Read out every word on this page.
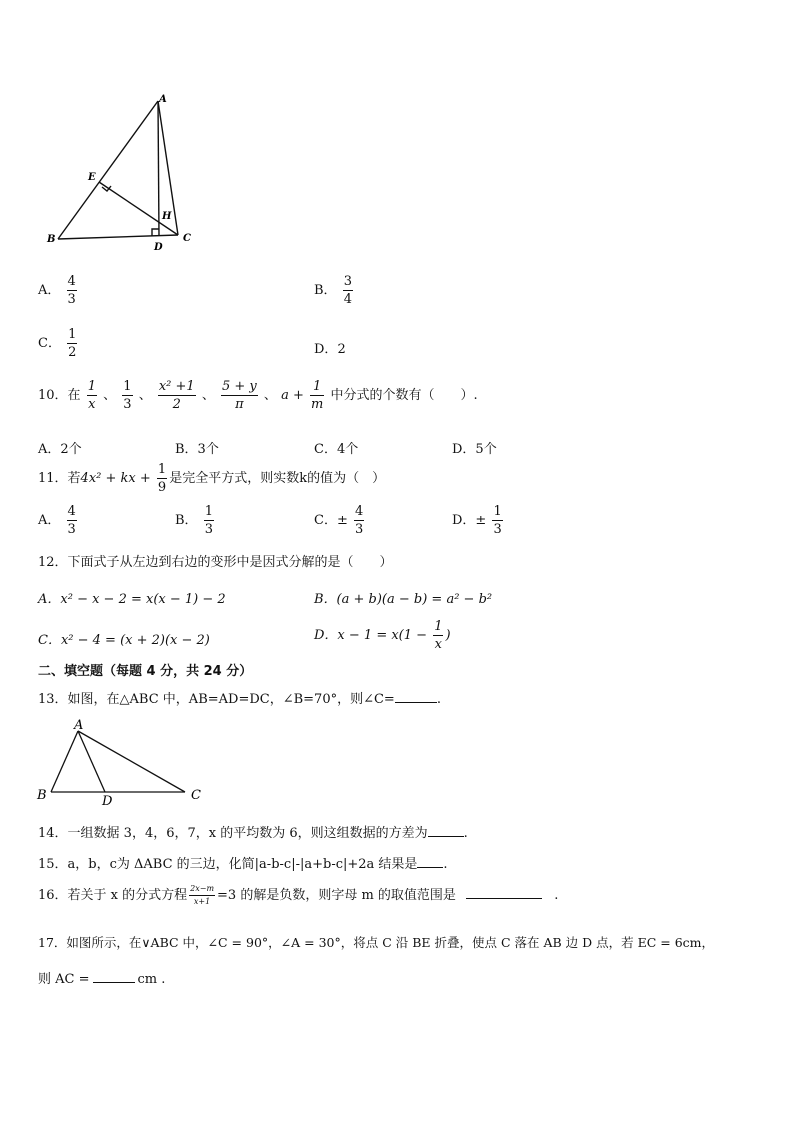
A
E
H
B
D
C
A． $\frac{4}{3}$	B． $\frac{3}{4}$
C． $\frac{1}{2}$	D．2
10．在 $\frac{1}{x}$ 、 $\frac{1}{3}$ 、 $\frac{\text{x² +1}}{2}$ 、 $\frac{5 + y}{\pi}$ 、 $a + \frac{1}{m}$ 中分式的个数有（　　）.
A．2个	B．3个	C．4个	D．5个
11．若4x² + kx + $\frac{1}{9}$ 是完全平方式，则实数k的值为（　）
A． $\frac{4}{3}$	B． $\frac{1}{3}$	C．± $\frac{4}{3}$	D．± $\frac{1}{3}$
12．下面式子从左边到右边的变形中是因式分解的是（　　）
A．x² − x − 2 = x(x − 1) − 2	B．(a + b)(a − b) = a² − b²
C．x² − 4 = (x + 2)(x − 2)	D．$x - 1 = x(1 - \frac{1}{x}$ )
二、填空题（每题 4 分，共 24 分）
13．如图，在△ABC 中，AB=AD=DC，∠B=70°，则∠C=	.
A
B	C
D
14．一组数据 3，4，6，7，x 的平均数为 6，则这组数据的方差为	.
15．a，b，c为 ΔABC 的三边，化简|a-b-c|-|a+b-c|+2a 结果是 .
16．若关于 x 的分式方程 $\frac{2x-m}{x+1} =3$ 的解是负数，则字母 m 的取值范围是	.
17．如图所示，在∨ABC 中，∠C = 90°，∠A = 30°，将点 C 沿 BE 折叠，使点 C 落在 AB 边 D 点，若 EC = 6cm，
则 AC =	cm .
